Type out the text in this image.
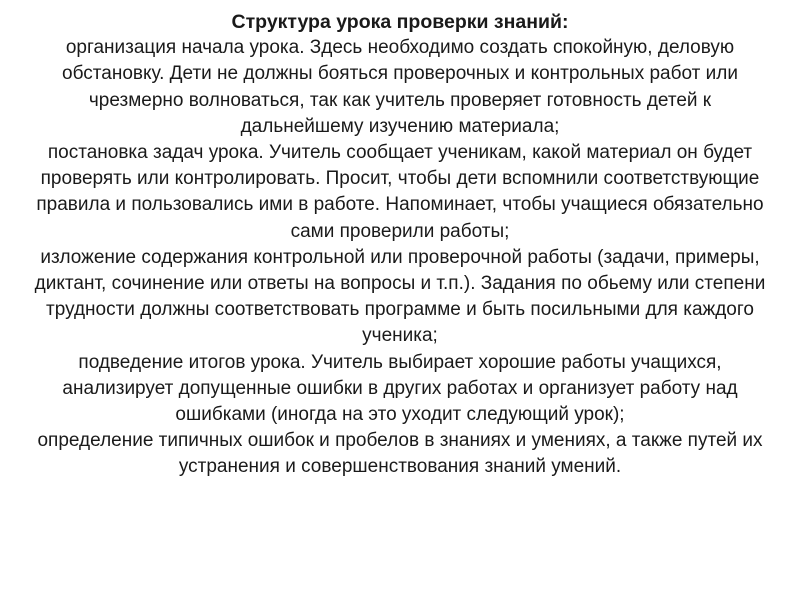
Структура урока проверки знаний:
организация начала урока. Здесь необходимо создать спокойную, деловую обстановку. Дети не должны бояться проверочных и контрольных работ или чрезмерно волноваться, так как учитель проверяет готовность детей к дальнейшему изучению материала;
постановка задач урока. Учитель сообщает ученикам, какой материал он будет проверять или контролировать. Просит, чтобы дети вспомнили соответствующие правила и пользовались ими в работе. Напоминает, чтобы учащиеся обязательно сами проверили работы;
изложение содержания контрольной или проверочной работы (задачи, примеры, диктант, сочинение или ответы на вопросы и т.п.). Задания по обьему или степени трудности должны соответствовать программе и быть посильными для каждого ученика;
подведение итогов урока. Учитель выбирает хорошие работы учащихся, анализирует допущенные ошибки в других работах и организует работу над ошибками (иногда на это уходит следующий урок);
определение типичных ошибок и пробелов в знаниях и умениях, а также путей их устранения и совершенствования знаний умений.
